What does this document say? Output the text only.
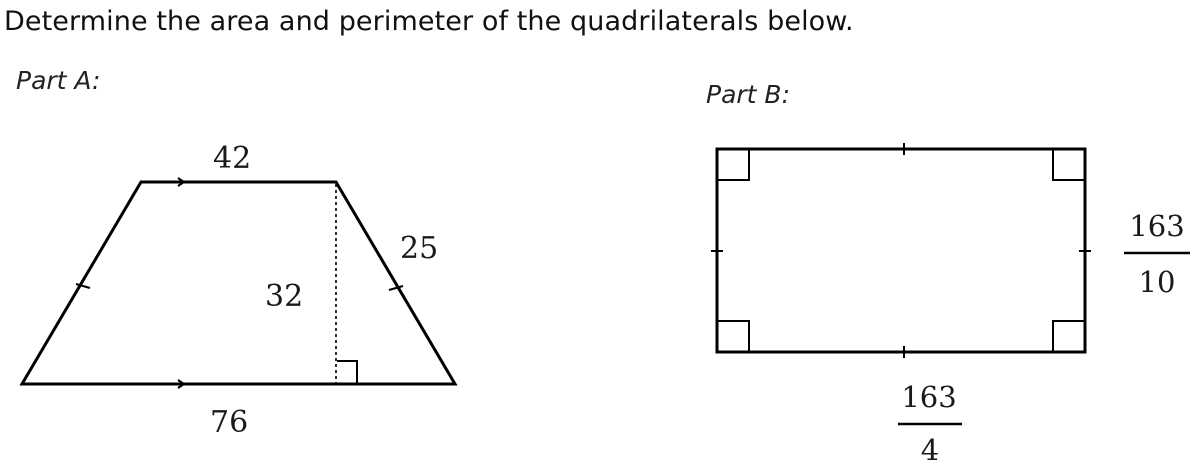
Determine the area and perimeter of the quadrilaterals below.
Part A:	Part B:
42
76
32
25
163
4
163
10
